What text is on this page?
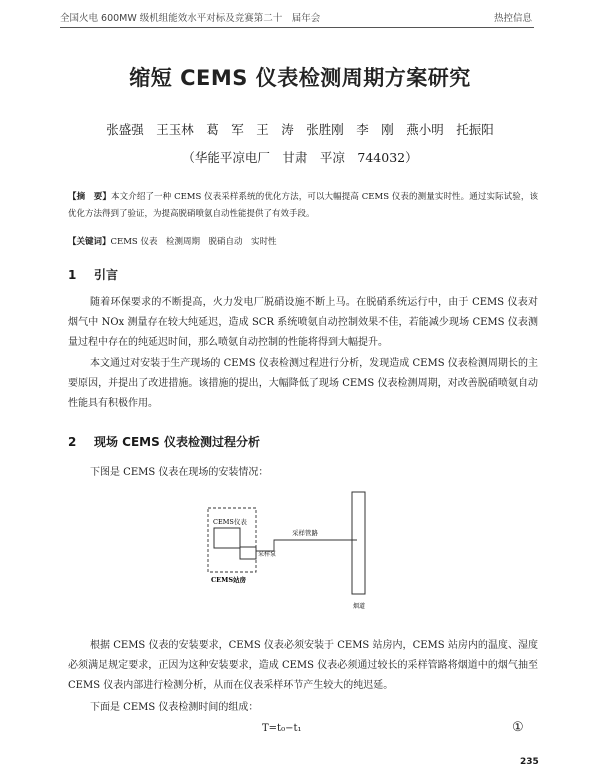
全国火电 600MW 级机组能效水平对标及竞赛第二十　届年会	热控信息
缩短 CEMS 仪表检测周期方案研究
张盛强　王玉林　葛　军　王　涛　张胜刚　李　刚　燕小明　托振阳
（华能平凉电厂　甘肃　平凉　744032）
【摘　要】本文介绍了一种 CEMS 仪表采样系统的优化方法，可以大幅提高 CEMS 仪表的测量实时性。通过实际试验，该优化方法得到了验证，为提高脱硝喷氨自动性能提供了有效手段。
【关键词】CEMS 仪表　检测周期　脱硝自动　实时性
1 引言
随着环保要求的不断提高，火力发电厂脱硝设施不断上马。在脱硝系统运行中，由于 CEMS 仪表对烟气中 NOx 测量存在较大纯延迟，造成 SCR 系统喷氨自动控制效果不佳，若能减少现场 CEMS 仪表测量过程中存在的纯延迟时间，那么喷氨自动控制的性能将得到大幅提升。
本文通过对安装于生产现场的 CEMS 仪表检测过程进行分析，发现造成 CEMS 仪表检测周期长的主要原因，并提出了改进措施。该措施的提出，大幅降低了现场 CEMS 仪表检测周期，对改善脱硝喷氨自动性能具有积极作用。
2 现场 CEMS 仪表检测过程分析
下图是 CEMS 仪表在现场的安装情况：
CEMS仪表
采样泵
采样管路
CEMS站房
烟道
根据 CEMS 仪表的安装要求，CEMS 仪表必须安装于 CEMS 站房内，CEMS 站房内的温度、湿度必须满足规定要求，正因为这种安装要求，造成 CEMS 仪表必须通过较长的采样管路将烟道中的烟气抽至 CEMS 仪表内部进行检测分析，从而在仪表采样环节产生较大的纯迟延。
下面是 CEMS 仪表检测时间的组成：
T=t₀−t₁	①
235
